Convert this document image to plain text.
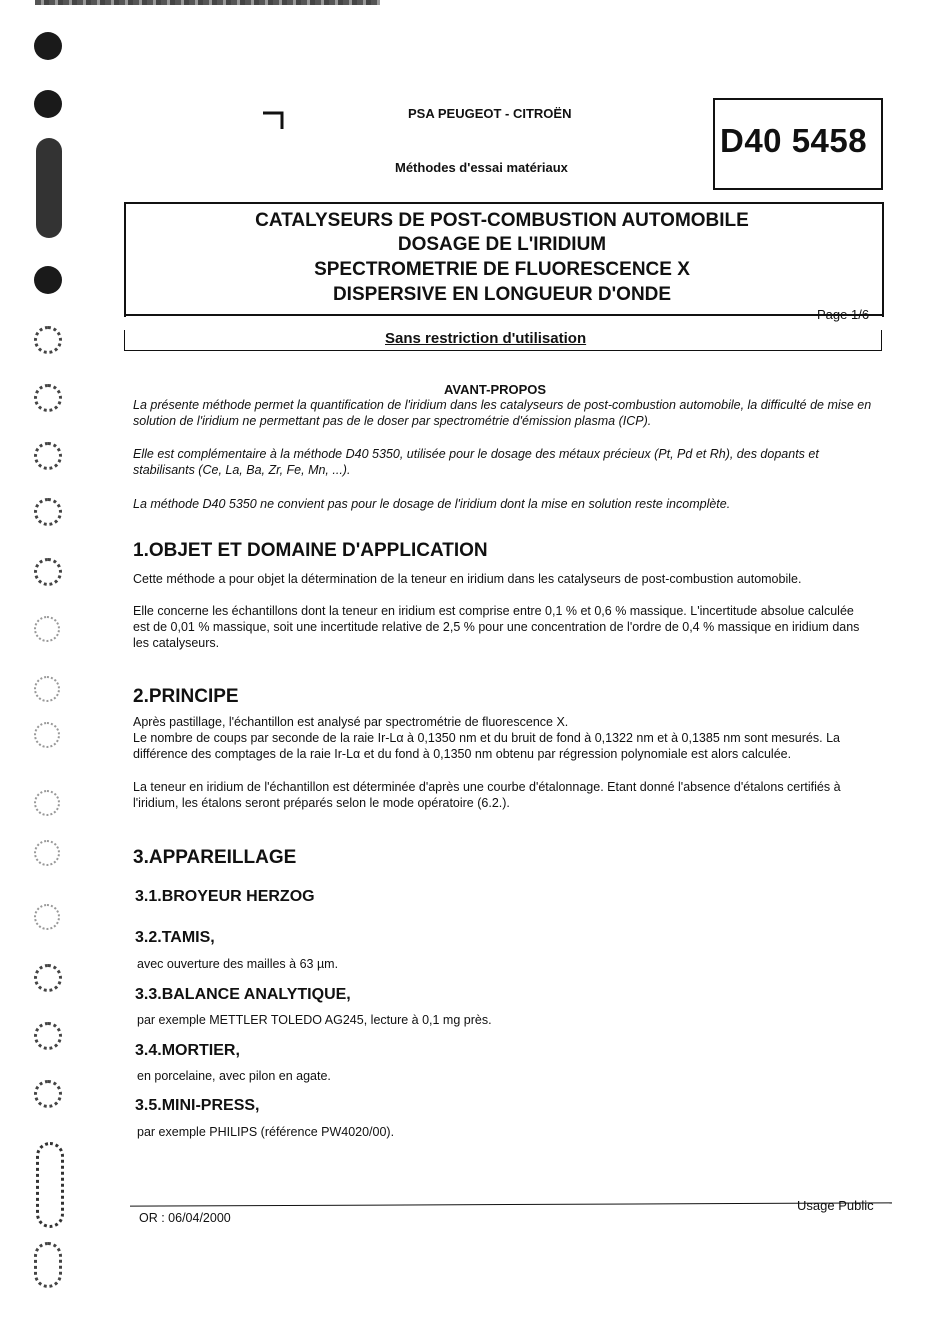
PSA PEUGEOT - CITROËN
Méthodes d'essai matériaux
D40 5458
CATALYSEURS DE POST-COMBUSTION AUTOMOBILE
DOSAGE DE L'IRIDIUM
SPECTROMETRIE DE FLUORESCENCE X
DISPERSIVE EN LONGUEUR D'ONDE
Page 1/6
Sans restriction d'utilisation
AVANT-PROPOS
La présente méthode permet la quantification de l'iridium dans les catalyseurs de post-combustion automobile, la difficulté de mise en solution de l'iridium ne permettant pas de le doser par spectrométrie d'émission plasma (ICP).
Elle est complémentaire à la méthode D40 5350, utilisée pour le dosage des métaux précieux (Pt, Pd et Rh), des dopants et stabilisants (Ce, La, Ba, Zr, Fe, Mn, ...).
La méthode D40 5350 ne convient pas pour le dosage de l'iridium dont la mise en solution reste incomplète.
1.OBJET ET DOMAINE D'APPLICATION
Cette méthode a pour objet la détermination de la teneur en iridium dans les catalyseurs de post-combustion automobile.
Elle concerne les échantillons dont la teneur en iridium est comprise entre 0,1 % et 0,6 % massique. L'incertitude absolue calculée est de 0,01 % massique, soit une incertitude relative de 2,5 % pour une concentration de l'ordre de 0,4 % massique en iridium dans les catalyseurs.
2.PRINCIPE
Après pastillage, l'échantillon est analysé par spectrométrie de fluorescence X.
Le nombre de coups par seconde de la raie Ir-Lα à 0,1350 nm et du bruit de fond à 0,1322 nm et à 0,1385 nm sont mesurés. La différence des comptages de la raie Ir-Lα et du fond à 0,1350 nm obtenu par régression polynomiale est alors calculée.
La teneur en iridium de l'échantillon est déterminée d'après une courbe d'étalonnage. Etant donné l'absence d'étalons certifiés à l'iridium, les étalons seront préparés selon le mode opératoire (6.2.).
3.APPAREILLAGE
3.1.BROYEUR HERZOG
3.2.TAMIS,
avec ouverture des mailles à 63 µm.
3.3.BALANCE ANALYTIQUE,
par exemple METTLER TOLEDO AG245, lecture à 0,1 mg près.
3.4.MORTIER,
en porcelaine, avec pilon en agate.
3.5.MINI-PRESS,
par exemple PHILIPS (référence PW4020/00).
OR : 06/04/2000
Usage Public
